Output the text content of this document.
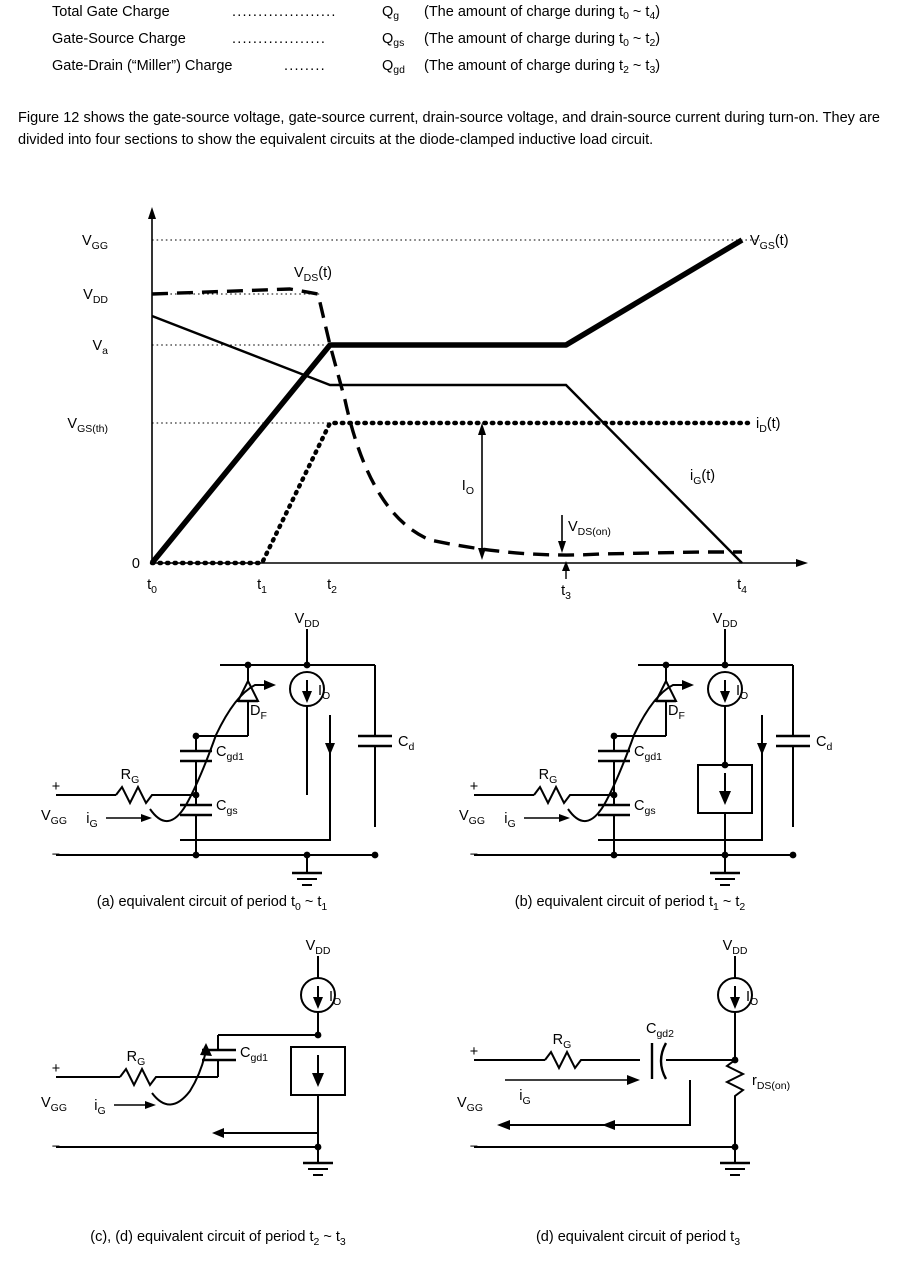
Total Gate Charge	....................	$Q_g$	(The amount of charge during $t_0$ ~ $t_4$)
Gate-Source Charge	..................	$Q_{gs}$	(The amount of charge during $t_0$ ~ $t_2$)
Gate-Drain (“Miller”) Charge	........	$Q_{gd}$	(The amount of charge during $t_2$ ~ $t_3$)
Figure 12 shows the gate-source voltage, gate-source current, drain-source voltage, and drain-source current during turn-on. They are divided into four sections to show the equivalent circuits at the diode-clamped inductive load circuit.
VGG
VDD
Va
VGS(th)
0
t0	t1	t2	t3
t4
VGS(t)
VDS(t)
iD(t)
iG(t)
IO
VDS(on)
VDD
IO
DF
Cd
Cgd1
Cgs
RG
+
VGG iG
−
(a) equivalent circuit of period t0 ~ t1
VDD
IO
DF
Cd
Cgd1
Cgs
RG
+
VGG iG
−
(b) equivalent circuit of period t1 ~ t2
VDD
IO
Cgd1
RG
+
VGG iG
−
(c), (d) equivalent circuit of period t2 ~ t3
VDD
IO
rDS(on)
RG
Cgd2
+
VGG
iG
−
(d) equivalent circuit of period t3
